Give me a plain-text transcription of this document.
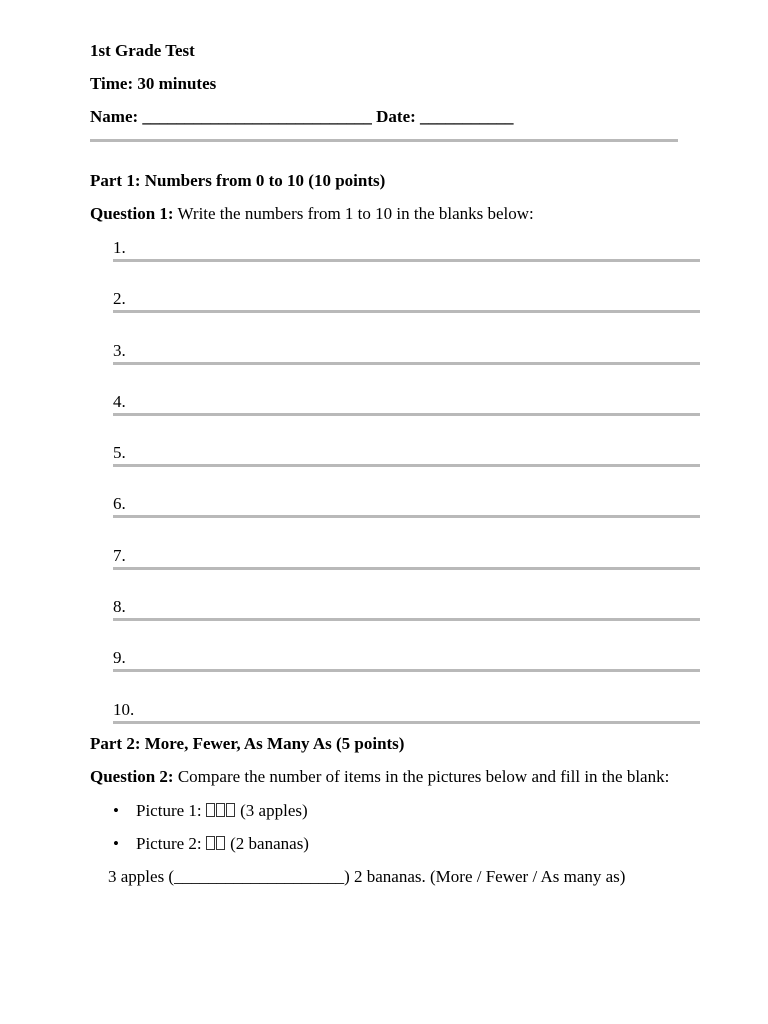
1st Grade Test
Time: 30 minutes
Name: ___________________________ Date: ___________
Part 1: Numbers from 0 to 10 (10 points)
Question 1: Write the numbers from 1 to 10 in the blanks below:
1.
2.
3.
4.
5.
6.
7.
8.
9.
10.
Part 2: More, Fewer, As Many As (5 points)
Question 2: Compare the number of items in the pictures below and fill in the blank:
• Picture 1:  (3 apples)
• Picture 2:  (2 bananas)
3 apples (____________________) 2 bananas. (More / Fewer / As many as)
